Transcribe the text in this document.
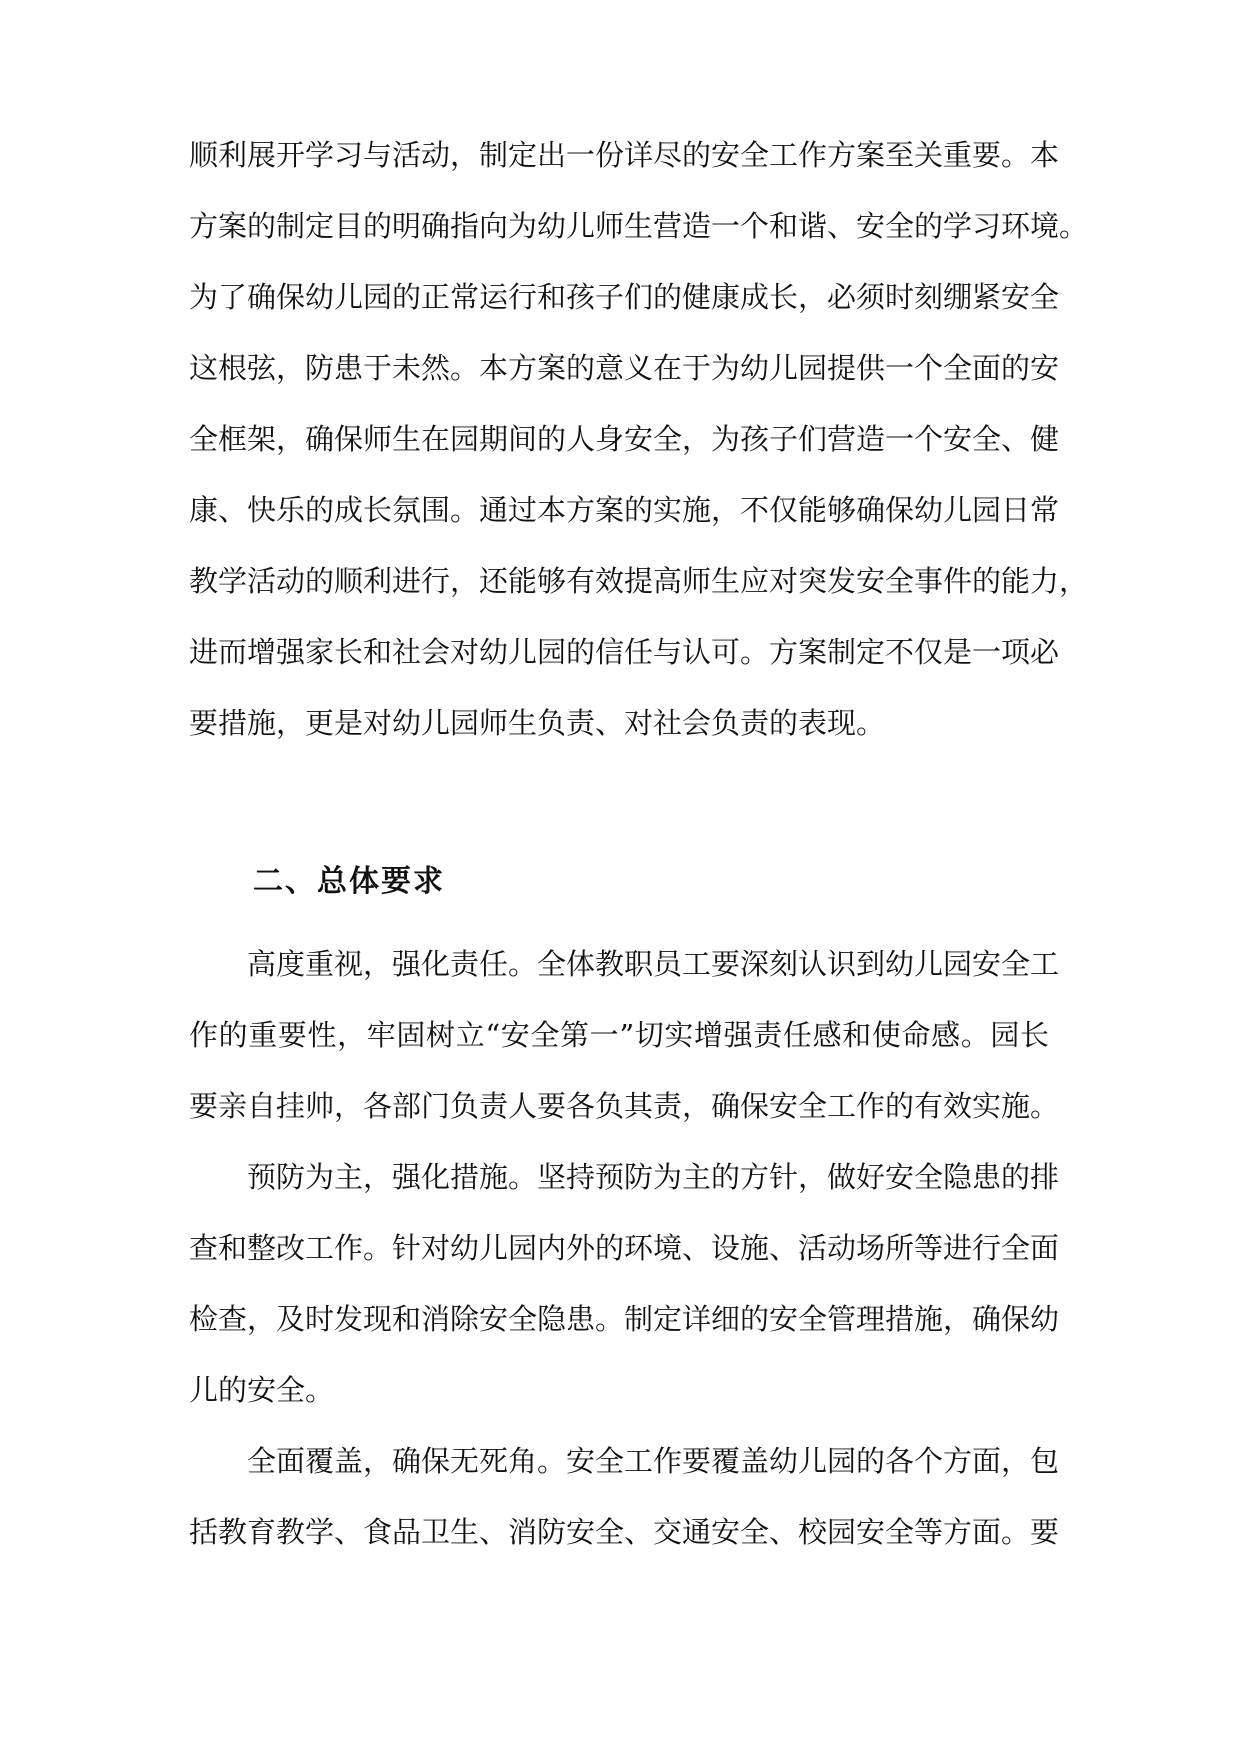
顺利展开学习与活动，制定出一份详尽的安全工作方案至关重要。本
方案的制定目的明确指向为幼儿师生营造一个和谐、安全的学习环境。
为了确保幼儿园的正常运行和孩子们的健康成长，必须时刻绷紧安全
这根弦，防患于未然。本方案的意义在于为幼儿园提供一个全面的安
全框架，确保师生在园期间的人身安全，为孩子们营造一个安全、健
康、快乐的成长氛围。通过本方案的实施，不仅能够确保幼儿园日常
教学活动的顺利进行，还能够有效提高师生应对突发安全事件的能力，
进而增强家长和社会对幼儿园的信任与认可。方案制定不仅是一项必
要措施，更是对幼儿园师生负责、对社会负责的表现。
二、总体要求
高度重视，强化责任。全体教职员工要深刻认识到幼儿园安全工
作的重要性，牢固树立“安全第一”切实增强责任感和使命感。园长
要亲自挂帅，各部门负责人要各负其责，确保安全工作的有效实施。
预防为主，强化措施。坚持预防为主的方针，做好安全隐患的排
查和整改工作。针对幼儿园内外的环境、设施、活动场所等进行全面
检查，及时发现和消除安全隐患。制定详细的安全管理措施，确保幼
儿的安全。
全面覆盖，确保无死角。安全工作要覆盖幼儿园的各个方面，包
括教育教学、食品卫生、消防安全、交通安全、校园安全等方面。要
